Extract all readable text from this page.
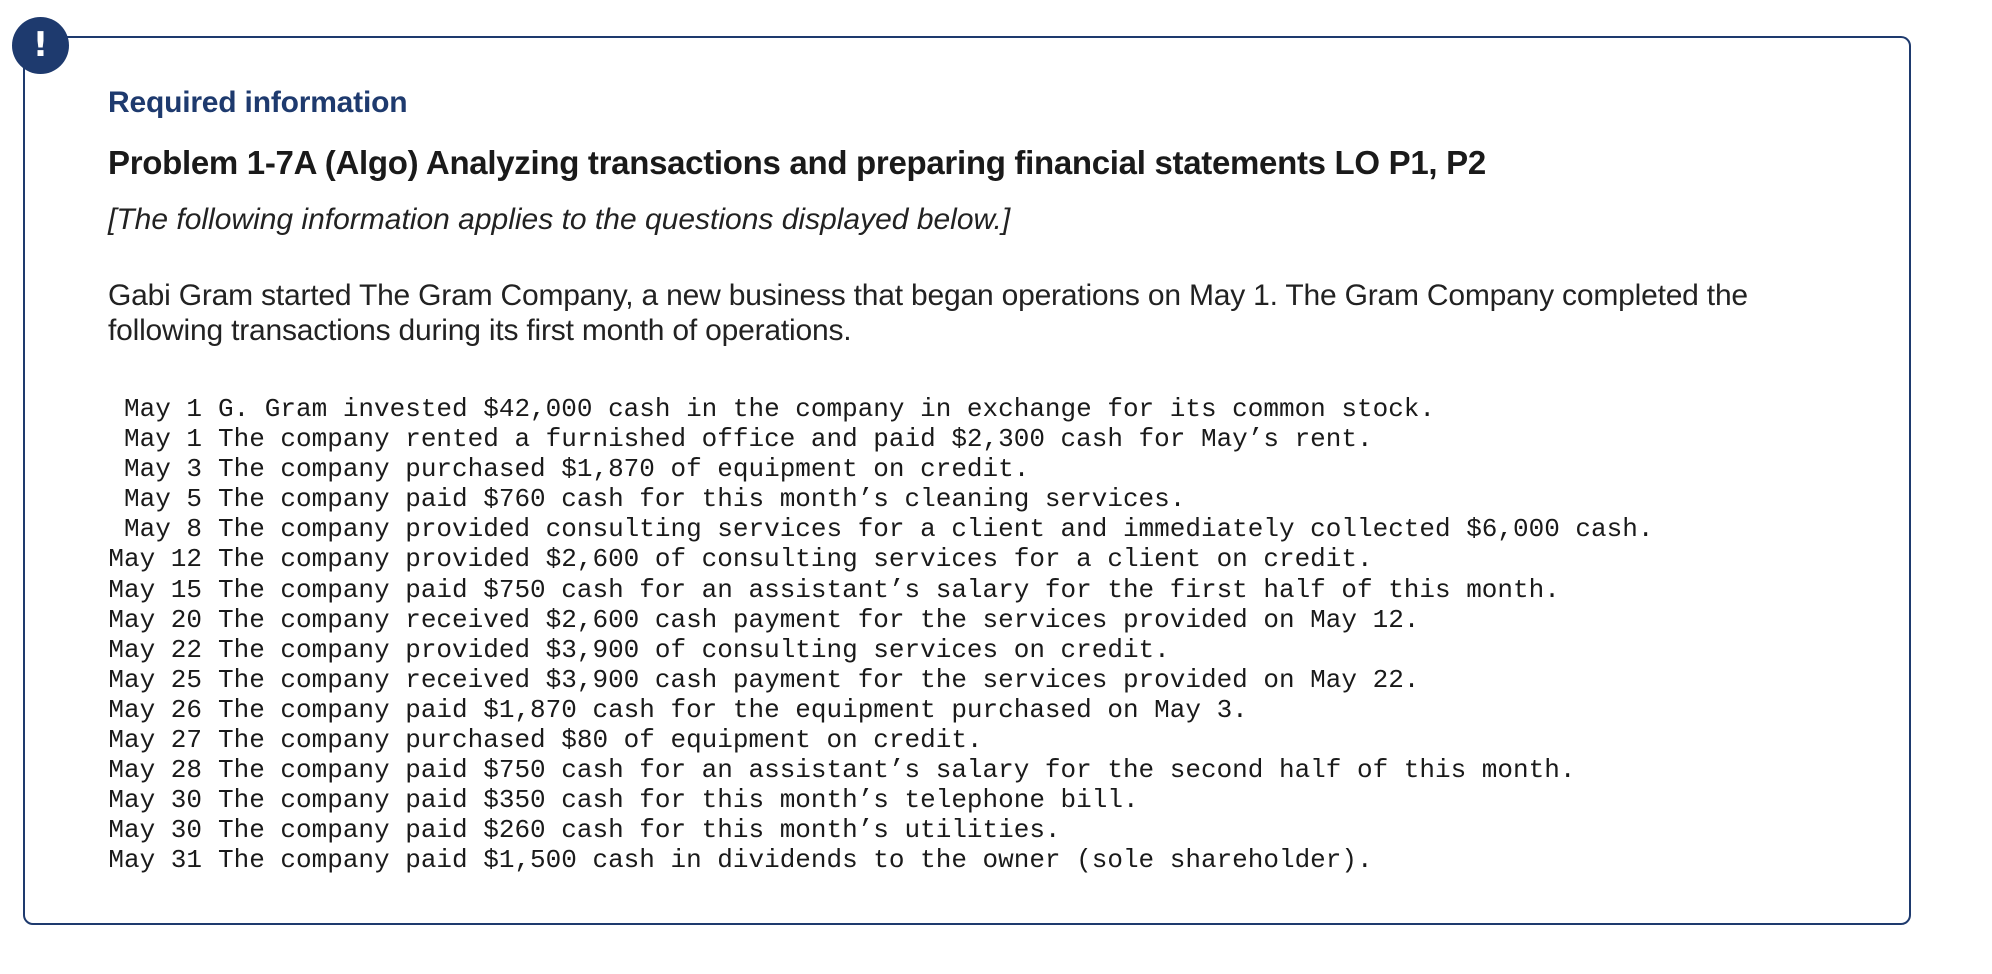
!
Required information
Problem 1-7A (Algo) Analyzing transactions and preparing financial statements LO P1, P2
[The following information applies to the questions displayed below.]
Gabi Gram started The Gram Company, a new business that began operations on May 1. The Gram Company completed the following transactions during its first month of operations.
May 1 G. Gram invested $42,000 cash in the company in exchange for its common stock.
May 1 The company rented a furnished office and paid $2,300 cash for May’s rent.
May 3 The company purchased $1,870 of equipment on credit.
May 5 The company paid $760 cash for this month’s cleaning services.
May 8 The company provided consulting services for a client and immediately collected $6,000 cash.
May 12 The company provided $2,600 of consulting services for a client on credit.
May 15 The company paid $750 cash for an assistant’s salary for the first half of this month.
May 20 The company received $2,600 cash payment for the services provided on May 12.
May 22 The company provided $3,900 of consulting services on credit.
May 25 The company received $3,900 cash payment for the services provided on May 22.
May 26 The company paid $1,870 cash for the equipment purchased on May 3.
May 27 The company purchased $80 of equipment on credit.
May 28 The company paid $750 cash for an assistant’s salary for the second half of this month.
May 30 The company paid $350 cash for this month’s telephone bill.
May 30 The company paid $260 cash for this month’s utilities.
May 31 The company paid $1,500 cash in dividends to the owner (sole shareholder).
